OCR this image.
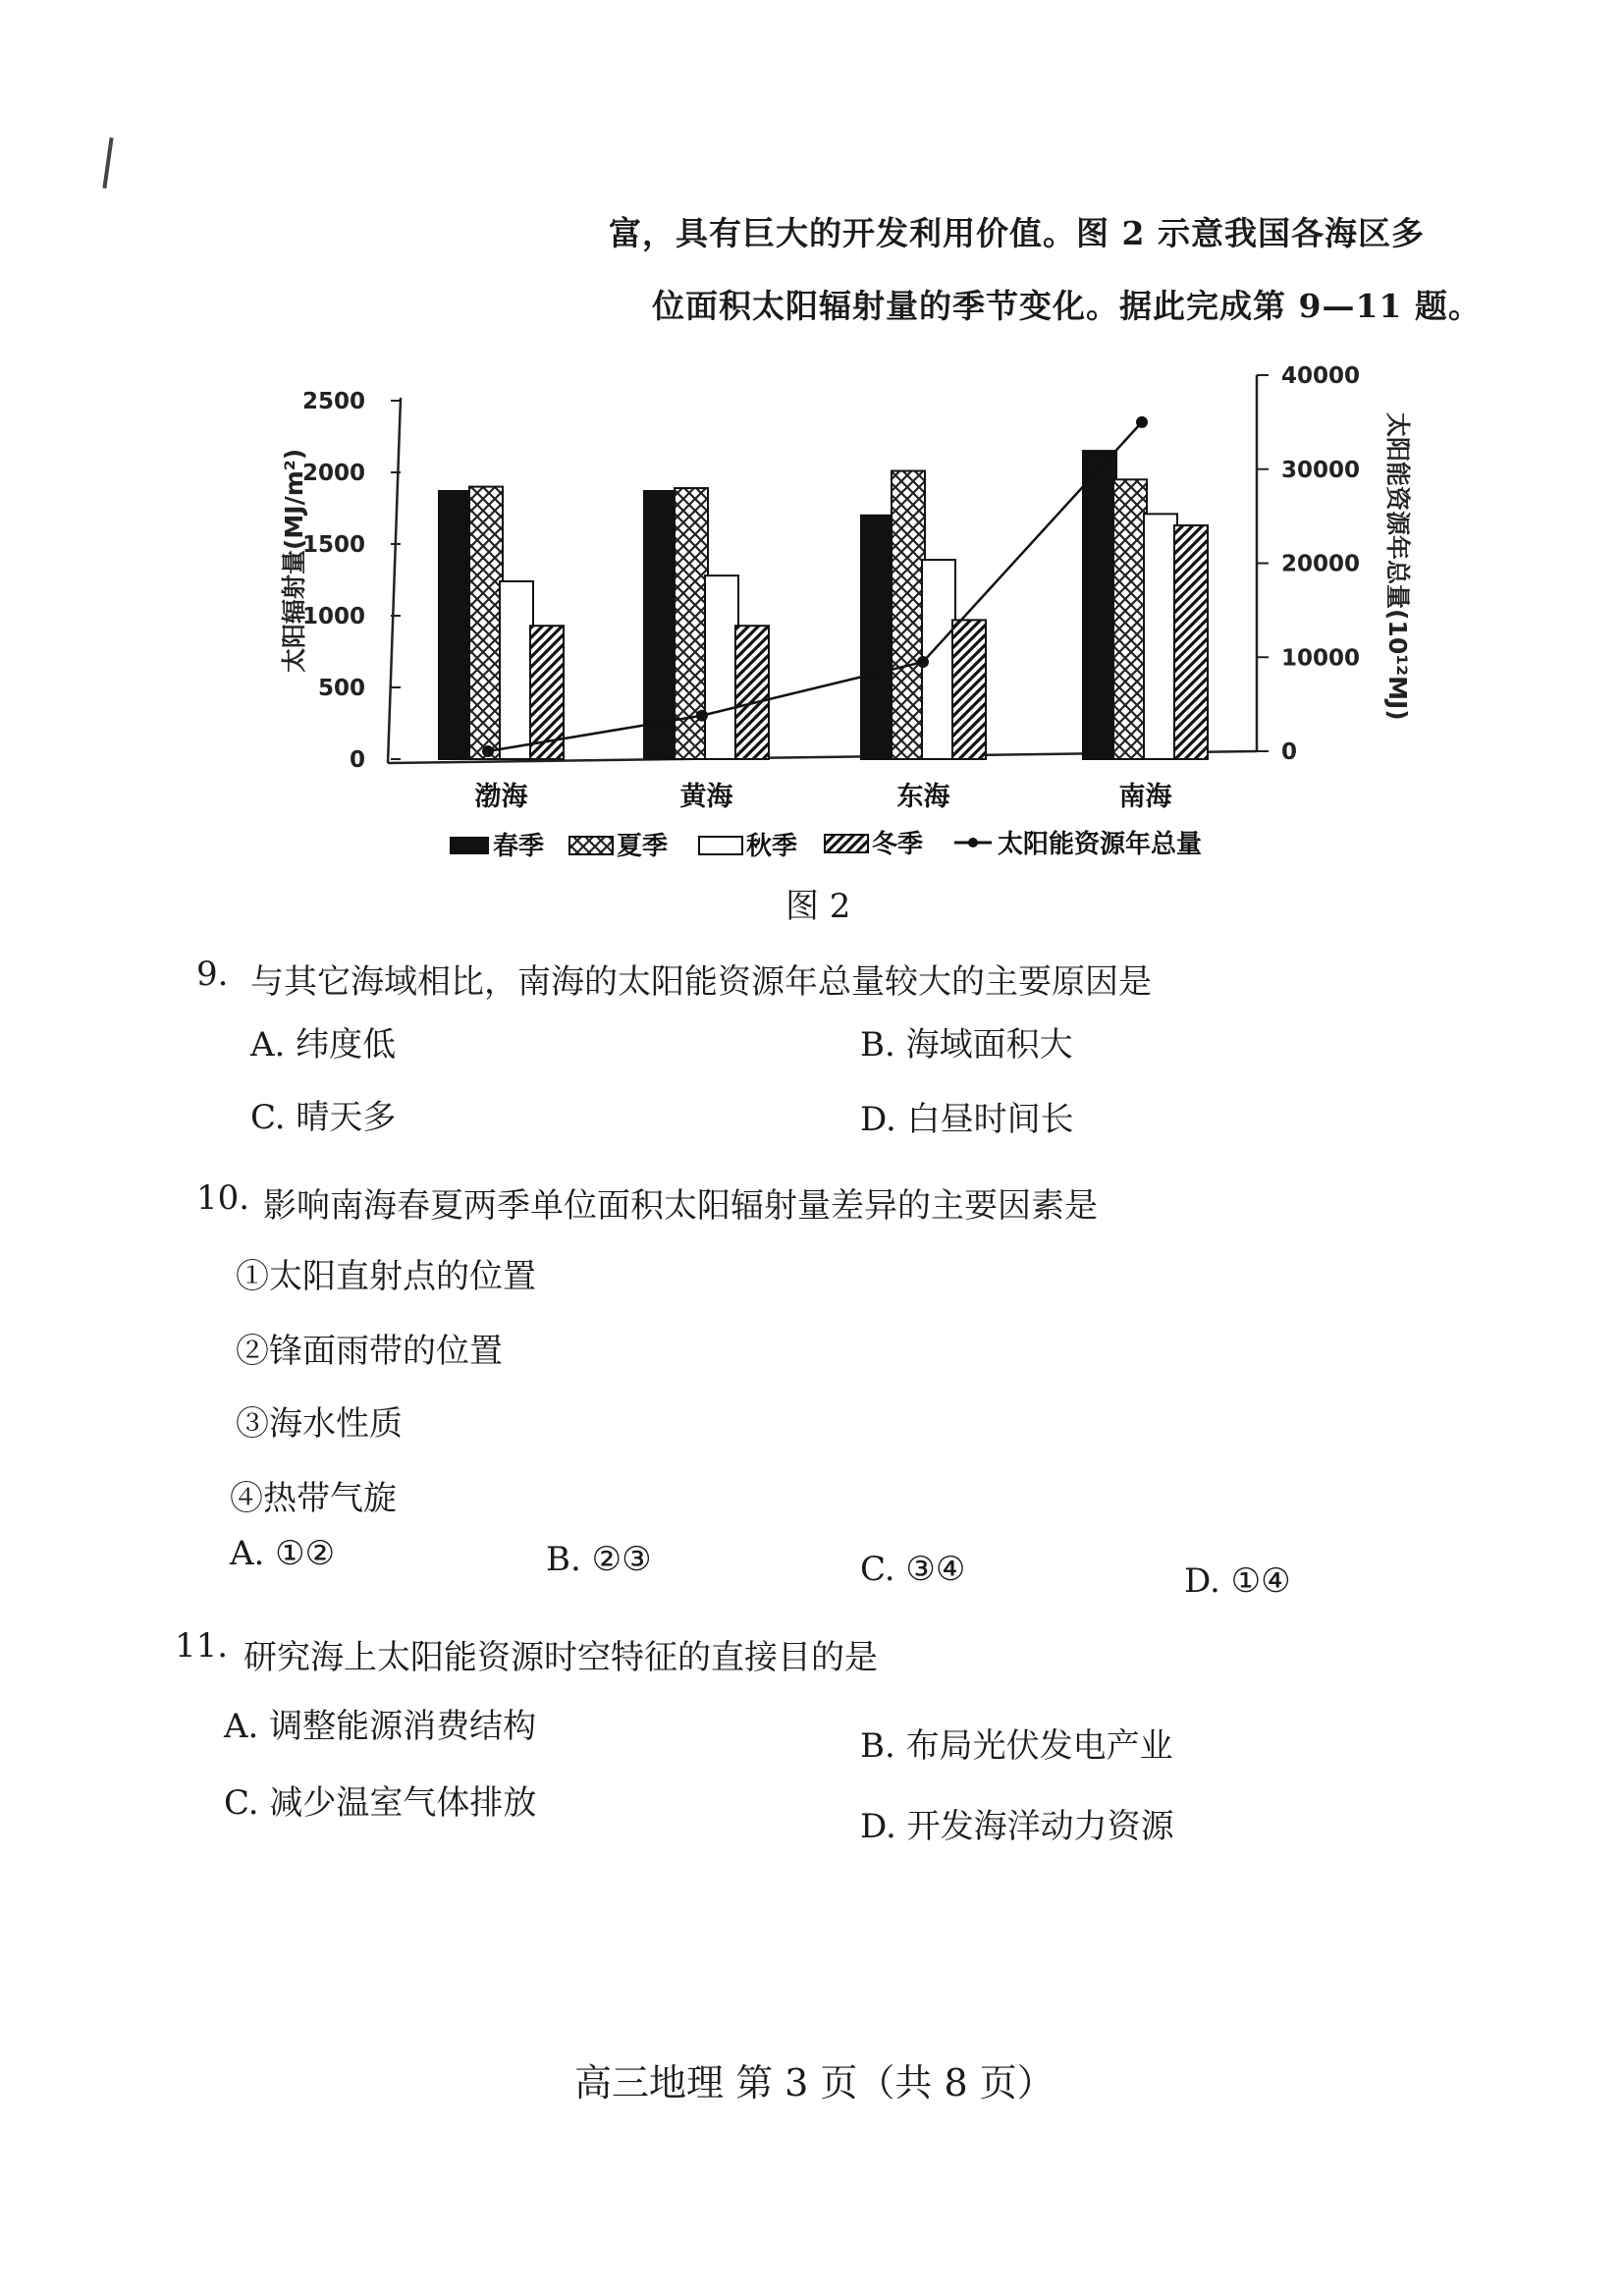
富，具有巨大的开发利用价值。图 2 示意我国各海区多
位面积太阳辐射量的季节变化。据此完成第 9—11 题。
0
500
1000
1500
2000
2500
0
10000
20000
30000
40000
渤海	黄海	东海	南海
太阳辐射量(MJ/m²)	太阳能资源年总量(10¹²MJ)
春季	夏季	秋季	冬季	太阳能资源年总量
图 2
9. 与其它海域相比，南海的太阳能资源年总量较大的主要原因是
A. 纬度低	B. 海域面积大
C. 晴天多	D. 白昼时间长
10. 影响南海春夏两季单位面积太阳辐射量差异的主要因素是
①太阳直射点的位置
②锋面雨带的位置
③海水性质
④热带气旋
A. ①②	B. ②③	C. ③④	D. ①④
11. 研究海上太阳能资源时空特征的直接目的是
A. 调整能源消费结构	B. 布局光伏发电产业
C. 减少温室气体排放
D. 开发海洋动力资源
高三地理 第 3 页（共 8 页）
